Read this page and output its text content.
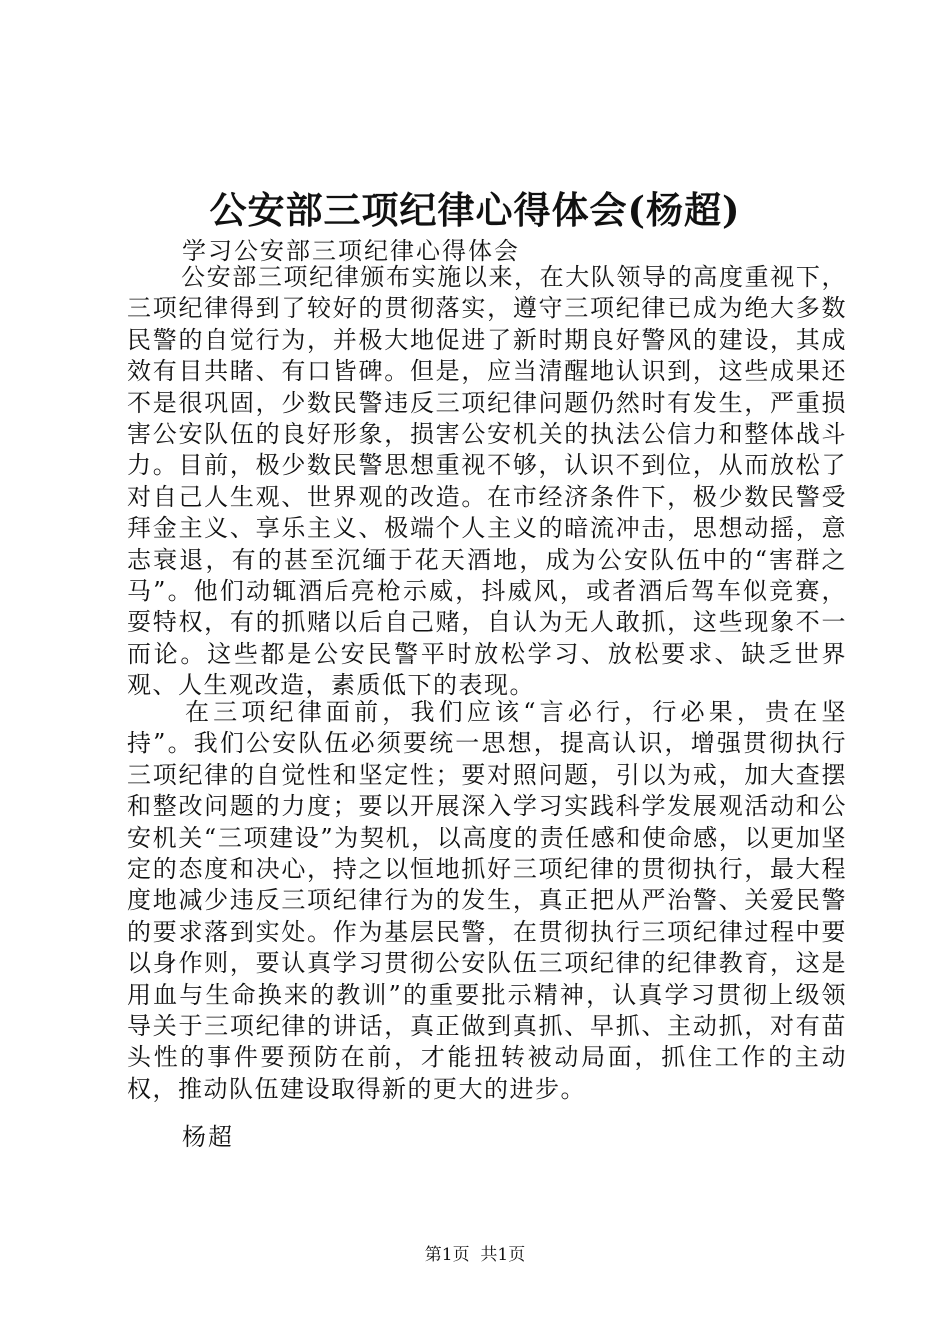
公安部三项纪律心得体会(杨超)
学习公安部三项纪律心得体会

公安部三项纪律颁布实施以来，在大队领导的高度重视下，三项纪律得到了较好的贯彻落实，遵守三项纪律已成为绝大多数民警的自觉行为，并极大地促进了新时期良好警风的建设，其成效有目共睹、有口皆碑。但是，应当清醒地认识到，这些成果还不是很巩固，少数民警违反三项纪律问题仍然时有发生，严重损害公安队伍的良好形象，损害公安机关的执法公信力和整体战斗力。目前，极少数民警思想重视不够，认识不到位，从而放松了对自己人生观、世界观的改造。在市经济条件下，极少数民警受拜金主义、享乐主义、极端个人主义的暗流冲击，思想动摇，意志衰退，有的甚至沉缅于花天酒地，成为公安队伍中的“害群之马”。他们动辄酒后亮枪示威，抖威风，或者酒后驾车似竞赛，耍特权，有的抓赌以后自己赌，自认为无人敢抓，这些现象不一而论。这些都是公安民警平时放松学习、放松要求、缺乏世界观、人生观改造，素质低下的表现。

在三项纪律面前，我们应该“言必行，行必果，贵在坚持”。我们公安队伍必须要统一思想，提高认识，增强贯彻执行三项纪律的自觉性和坚定性；要对照问题，引以为戒，加大查摆和整改问题的力度；要以开展深入学习实践科学发展观活动和公安机关“三项建设”为契机，以高度的责任感和使命感，以更加坚定的态度和决心，持之以恒地抓好三项纪律的贯彻执行，最大程度地减少违反三项纪律行为的发生，真正把从严治警、关爱民警的要求落到实处。作为基层民警，在贯彻执行三项纪律过程中要以身作则，要认真学习贯彻公安队伍三项纪律的纪律教育，这是用血与生命换来的教训”的重要批示精神，认真学习贯彻上级领导关于三项纪律的讲话，真正做到真抓、早抓、主动抓，对有苗头性的事件要预防在前，才能扭转被动局面，抓住工作的主动权，推动队伍建设取得新的更大的进步。

杨超
第1页  共1页
